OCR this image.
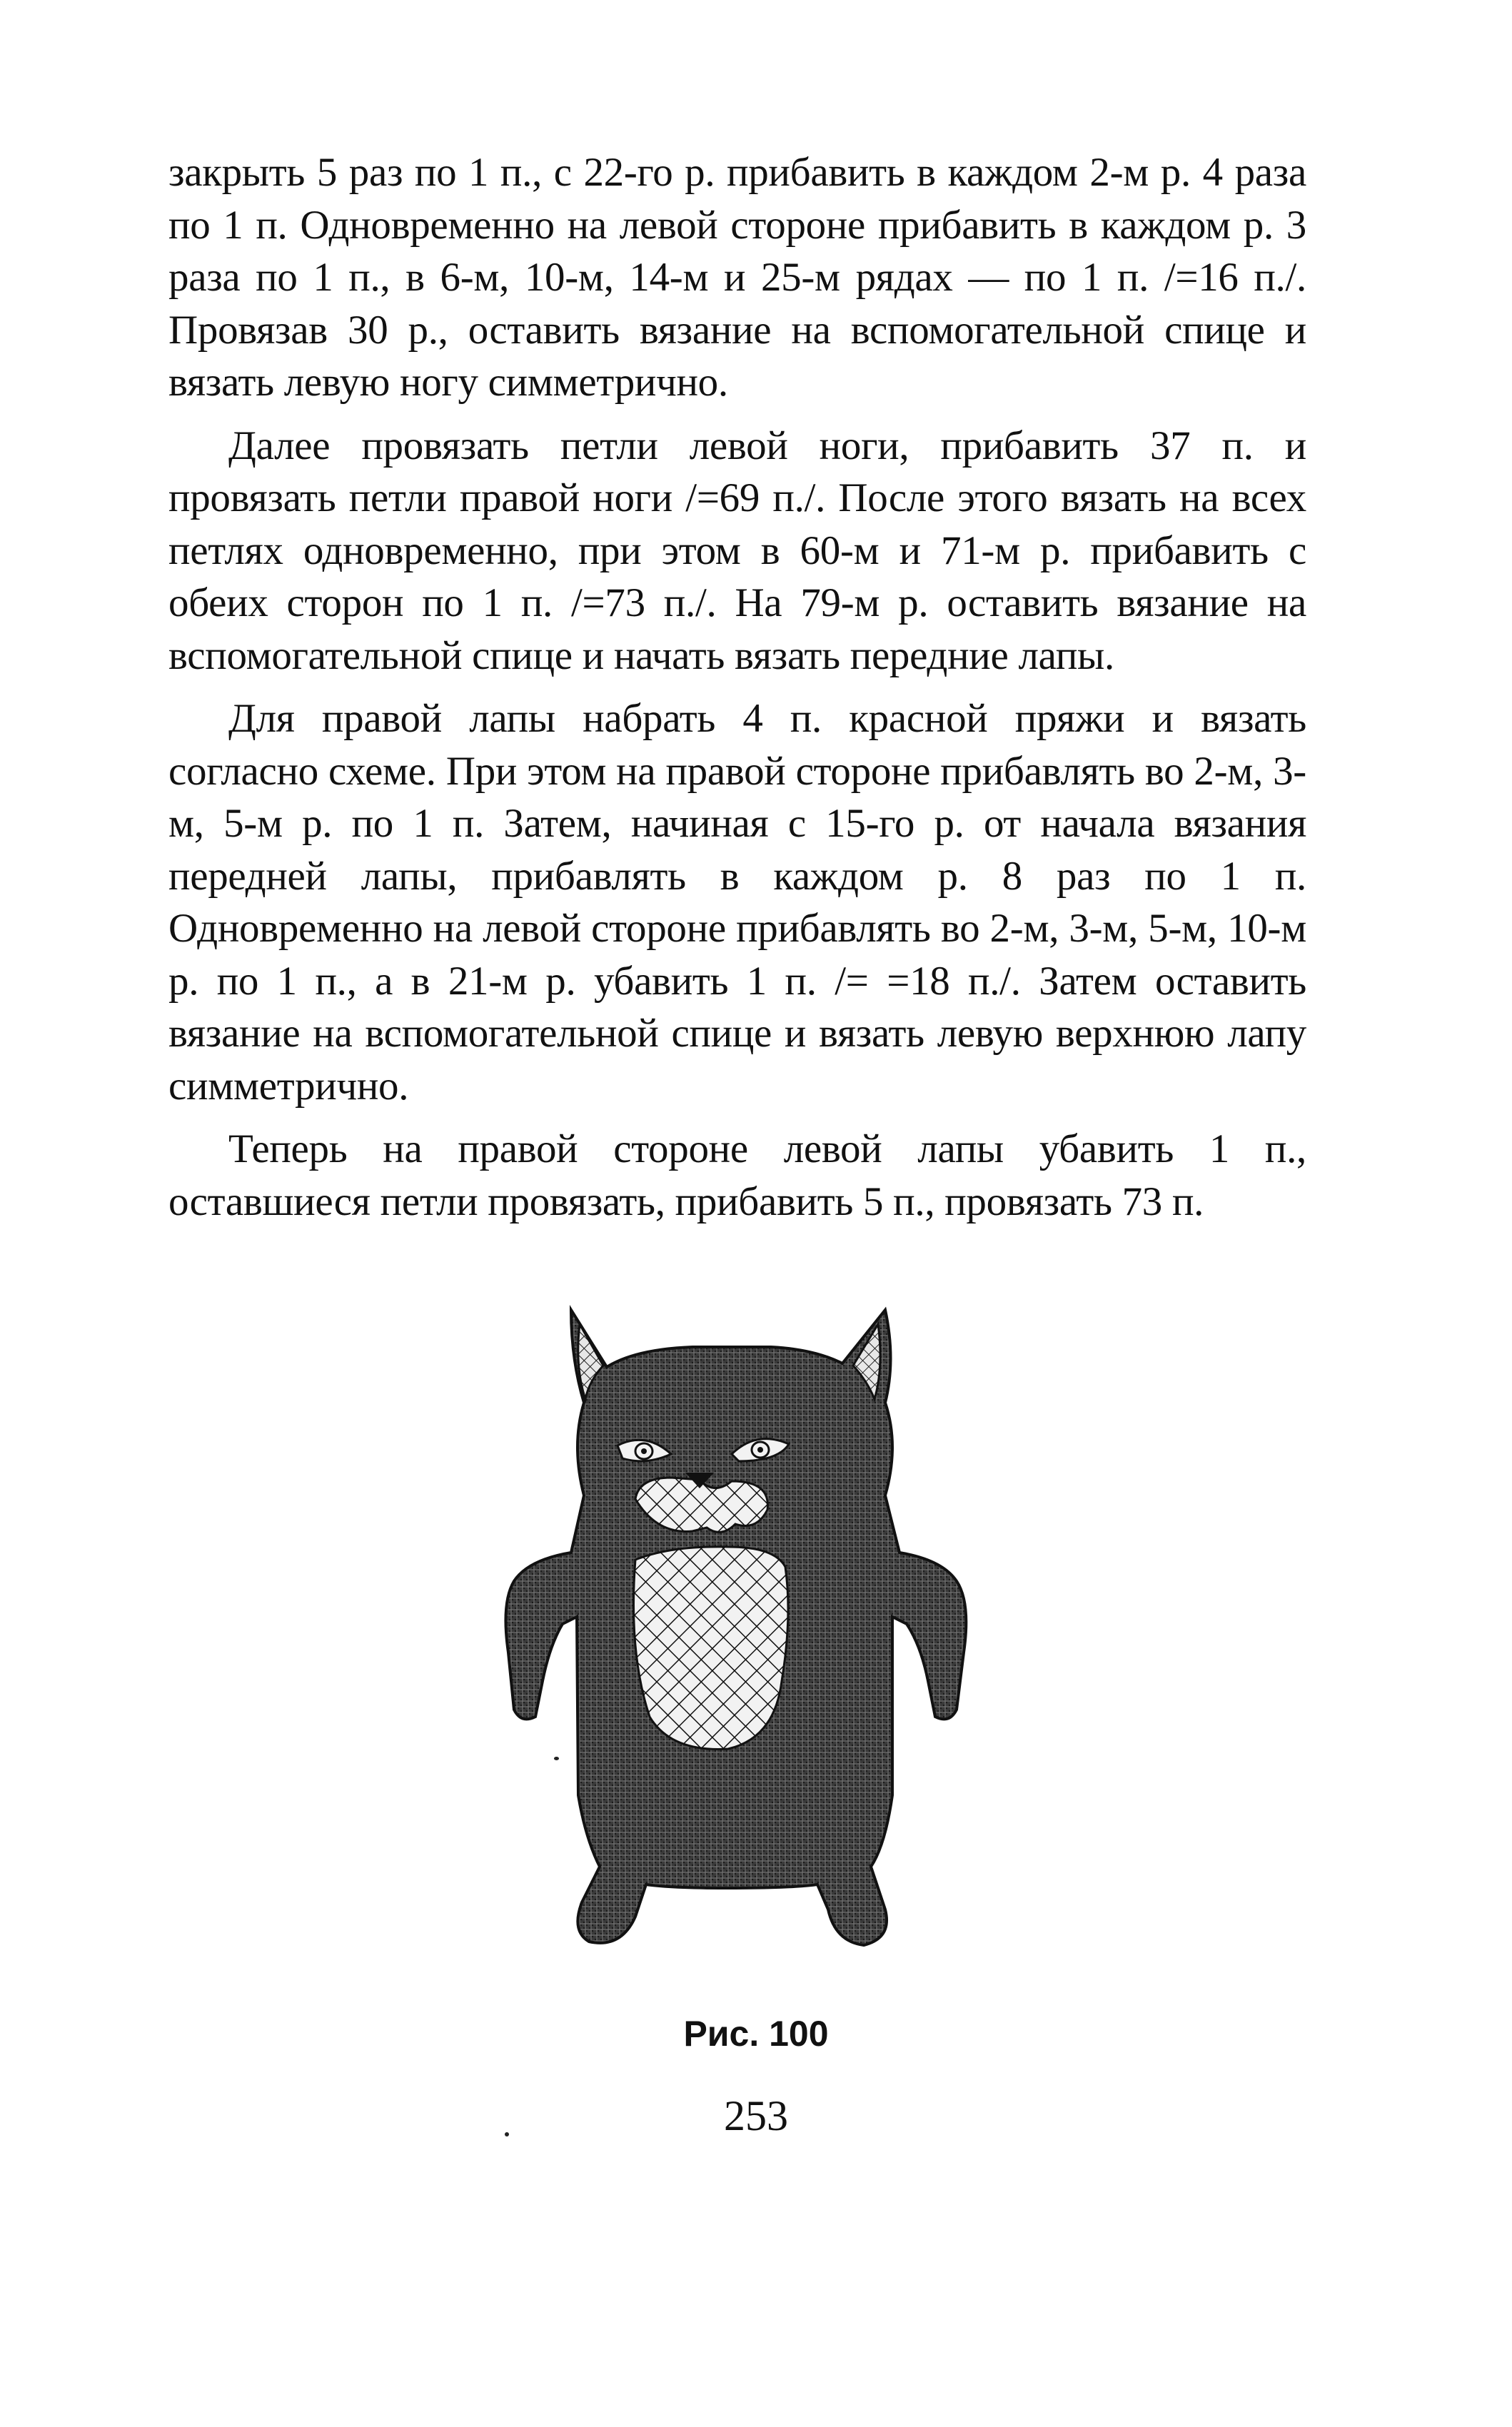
закрыть 5 раз по 1 п., с 22-го р. прибавить в каждом 2-м р. 4 раза по 1 п. Одновременно на левой стороне прибавить в каждом р. 3 раза по 1 п., в 6-м, 10-м, 14-м и 25-м рядах — по 1 п. /=16 п./. Провязав 30 р., оставить вязание на вспомогательной спице и вязать левую ногу симметрично.

Далее провязать петли левой ноги, прибавить 37 п. и провязать петли правой ноги /=69 п./. После этого вязать на всех петлях одновременно, при этом в 60-м и 71-м р. прибавить с обеих сторон по 1 п. /=73 п./. На 79-м р. оставить вязание на вспомогательной спице и начать вязать передние лапы.

Для правой лапы набрать 4 п. красной пряжи и вязать согласно схеме. При этом на правой стороне прибавлять во 2-м, 3-м, 5-м р. по 1 п. Затем, начиная с 15-го р. от начала вязания передней лапы, прибавлять в каждом р. 8 раз по 1 п. Одновременно на левой стороне прибавлять во 2-м, 3-м, 5-м, 10-м р. по 1 п., а в 21-м р. убавить 1 п. /= =18 п./. Затем оставить вязание на вспомогательной спице и вязать левую верхнюю лапу симметрично.

Теперь на правой стороне левой лапы убавить 1 п., оставшиеся петли провязать, прибавить 5 п., провязать 73 п.

Рис. 100
253
